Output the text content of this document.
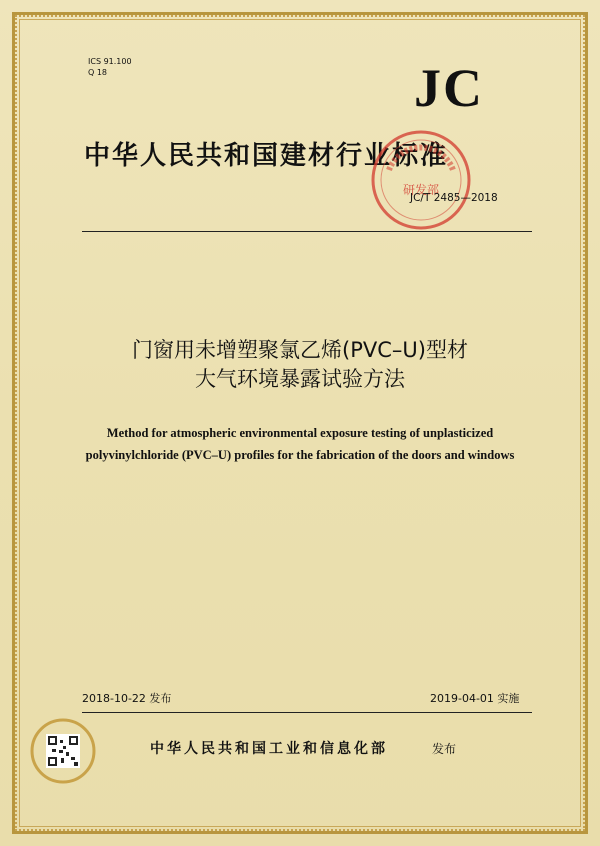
ICS 91.100
Q 18	JC
中华人民共和国建材行业标准
研发部
JC/T 2485—2018
门窗用未增塑聚氯乙烯(PVC–U)型材
大气环境暴露试验方法
Method for atmospheric environmental exposure testing of unplasticized
polyvinylchloride (PVC–U) profiles for the fabrication of the doors and windows
2018-10-22 发布	2019-04-01 实施
中华人民共和国工业和信息化部	发布
